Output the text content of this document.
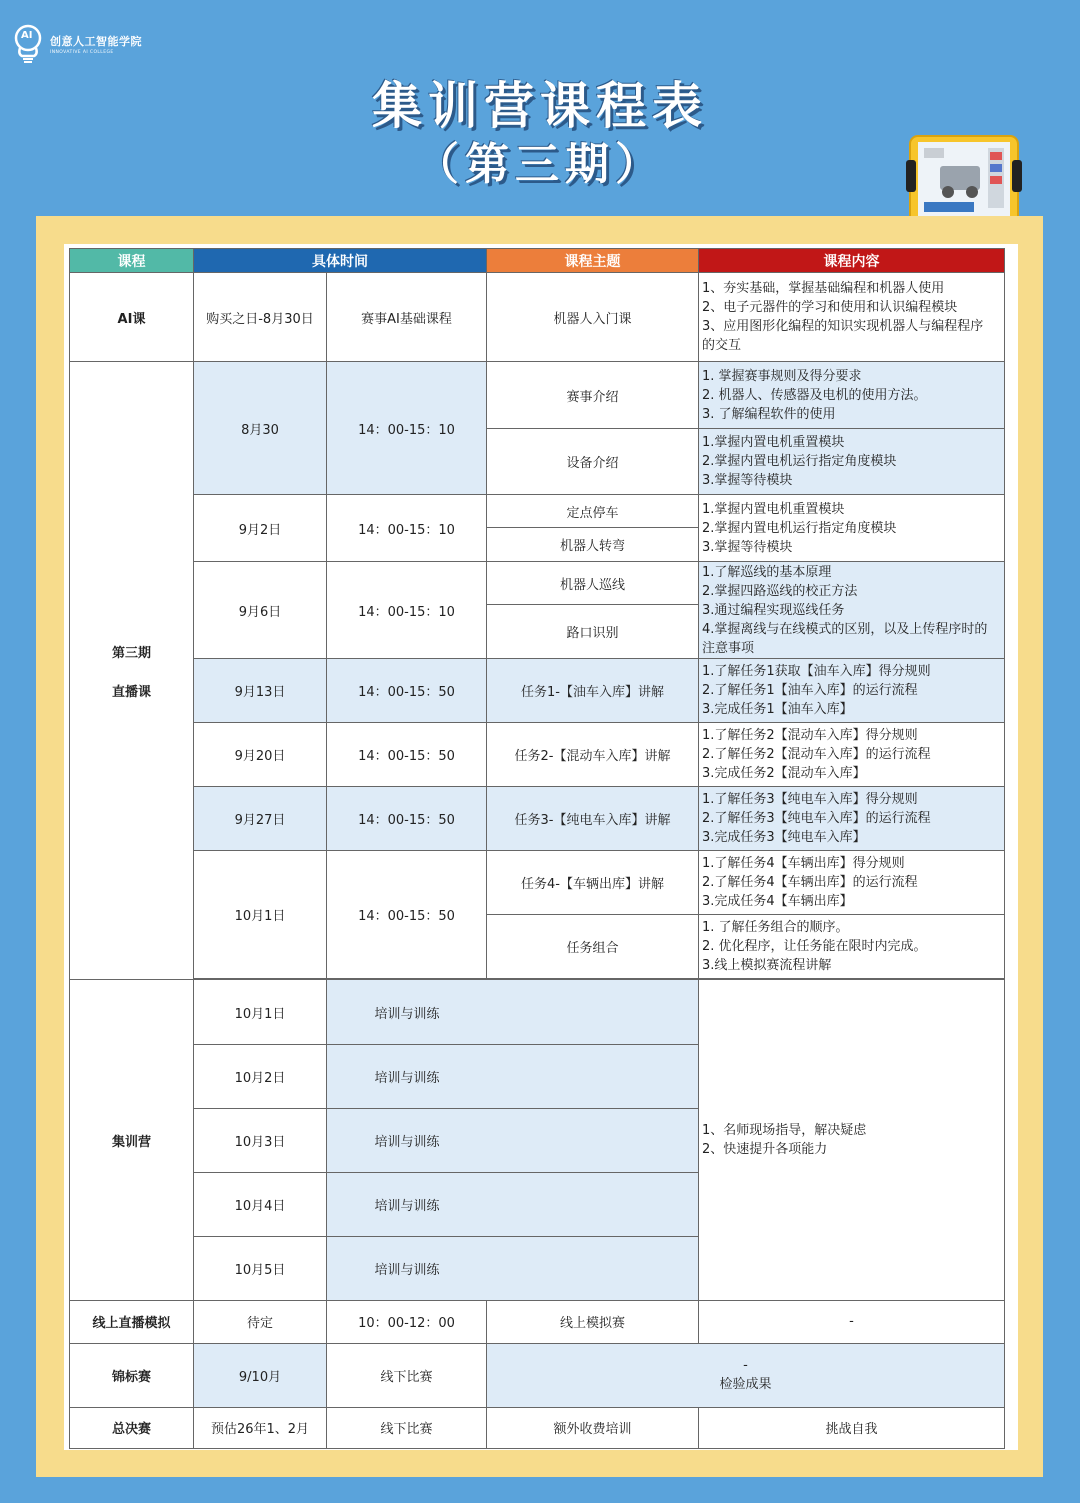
AI 创意人工智能学院
INNOVATIVE AI COLLEGE
集训营课程表
（第三期）
课程	具体时间		课程主题	课程内容
AI课	购买之日-8月30日	赛事AI基础课程	机器人入门课	1、夯实基础，掌握基础编程和机器人使用
2、电子元器件的学习和使用和认识编程模块
3、应用图形化编程的知识实现机器人与编程程序
的交互

第三期
直播课	8月30	14：00-15：10	赛事介绍	1. 掌握赛事规则及得分要求
2. 机器人、传感器及电机的使用方法。
3. 了解编程软件的使用

			设备介绍	1.掌握内置电机重置模块
2.掌握内置电机运行指定角度模块
3.掌握等待模块

	9月2日	14：00-15：10	定点停车	1.掌握内置电机重置模块
2.掌握内置电机运行指定角度模块
3.掌握等待模块

			机器人转弯	
	9月6日	14：00-15：10	机器人巡线	1.了解巡线的基本原理
2.掌握四路巡线的校正方法
3.通过编程实现巡线任务
4.掌握离线与在线模式的区别，以及上传程序时的
注意事项

			路口识别	
	9月13日	14：00-15：50	任务1-【油车入库】讲解	1.了解任务1获取【油车入库】得分规则
2.了解任务1【油车入库】的运行流程
3.完成任务1【油车入库】

	9月20日	14：00-15：50	任务2-【混动车入库】讲解	1.了解任务2【混动车入库】得分规则
2.了解任务2【混动车入库】的运行流程
3.完成任务2【混动车入库】

	9月27日	14：00-15：50	任务3-【纯电车入库】讲解	1.了解任务3【纯电车入库】得分规则
2.了解任务3【纯电车入库】的运行流程
3.完成任务3【纯电车入库】

	10月1日	14：00-15：50	任务4-【车辆出库】讲解	1.了解任务4【车辆出库】得分规则
2.了解任务4【车辆出库】的运行流程
3.完成任务4【车辆出库】

			任务组合	1. 了解任务组合的顺序。
2. 优化程序，让任务能在限时内完成。
3.线上模拟赛流程讲解

集训营	10月1日	培训与训练		1、名师现场指导，解决疑虑
2、快速提升各项能力

	10月2日	培训与训练		

	10月3日	培训与训练		

	10月4日	培训与训练		

	10月5日	培训与训练		

线上直播模拟	待定	10：00-12：00	线上模拟赛	-
锦标赛	9/10月	线下比赛	-
检验成果	

总决赛	预估26年1、2月	线下比赛	额外收费培训	挑战自我
